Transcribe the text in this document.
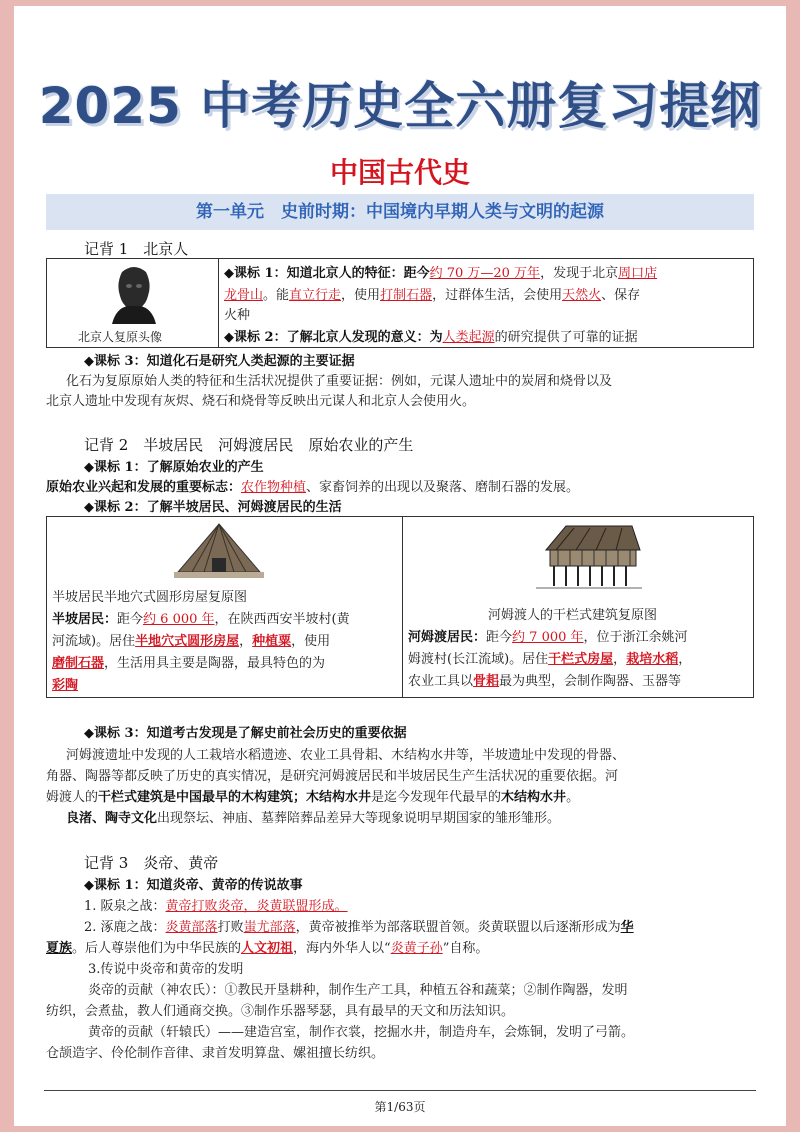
2025 中考历史全六册复习提纲
中国古代史
第一单元　史前时期：中国境内早期人类与文明的起源
记背 1　北京人
北京人复原头像
◆课标 1：知道北京人的特征：距今约 70 万—20 万年，发现于北京周口店
龙骨山。能直立行走，使用打制石器，过群体生活，会使用天然火、保存
火种
◆课标 2：了解北京人发现的意义：为人类起源的研究提供了可靠的证据
◆课标 3：知道化石是研究人类起源的主要证据
化石为复原原始人类的特征和生活状况提供了重要证据：例如，元谋人遗址中的炭屑和烧骨以及
北京人遗址中发现有灰烬、烧石和烧骨等反映出元谋人和北京人会使用火。
记背 2　半坡居民　河姆渡居民　原始农业的产生
◆课标 1：了解原始农业的产生
原始农业兴起和发展的重要标志：农作物种植、家畜饲养的出现以及聚落、磨制石器的发展。
◆课标 2：了解半坡居民、河姆渡居民的生活
半坡居民半地穴式圆形房屋复原图
半坡居民：距今约 6 000 年，在陕西西安半坡村(黄
河流域)。居住半地穴式圆形房屋，种植粟，使用
磨制石器，生活用具主要是陶器，最具特色的为
彩陶
河姆渡人的干栏式建筑复原图
河姆渡居民：距今约 7 000 年，位于浙江余姚河
姆渡村(长江流域)。居住干栏式房屋，栽培水稻，
农业工具以骨耜最为典型，会制作陶器、玉器等
◆课标 3：知道考古发现是了解史前社会历史的重要依据
河姆渡遗址中发现的人工栽培水稻遗迹、农业工具骨耜、木结构水井等，半坡遗址中发现的骨器、
角器、陶器等都反映了历史的真实情况，是研究河姆渡居民和半坡居民生产生活状况的重要依据。河
姆渡人的干栏式建筑是中国最早的木构建筑；木结构水井是迄今发现年代最早的木结构水井。
良渚、陶寺文化出现祭坛、神庙、墓葬陪葬品差异大等现象说明早期国家的雏形雏形。
记背 3　炎帝、黄帝
◆课标 1：知道炎帝、黄帝的传说故事
1. 阪泉之战：黄帝打败炎帝，炎黄联盟形成。
2. 涿鹿之战：炎黄部落打败蚩尤部落，黄帝被推举为部落联盟首领。炎黄联盟以后逐渐形成为华
夏族。后人尊崇他们为中华民族的人文初祖，海内外华人以“炎黄子孙”自称。
3.传说中炎帝和黄帝的发明
炎帝的贡献（神农氏）：①教民开垦耕种，制作生产工具，种植五谷和蔬菜；②制作陶器，发明
纺织，会煮盐，教人们通商交换。③制作乐器琴瑟，具有最早的天文和历法知识。
黄帝的贡献（轩辕氏）——建造宫室，制作衣裳，挖掘水井，制造舟车，会炼铜，发明了弓箭。
仓颉造字、伶伦制作音律、隶首发明算盘、嫘祖擅长纺织。
第1/63页
